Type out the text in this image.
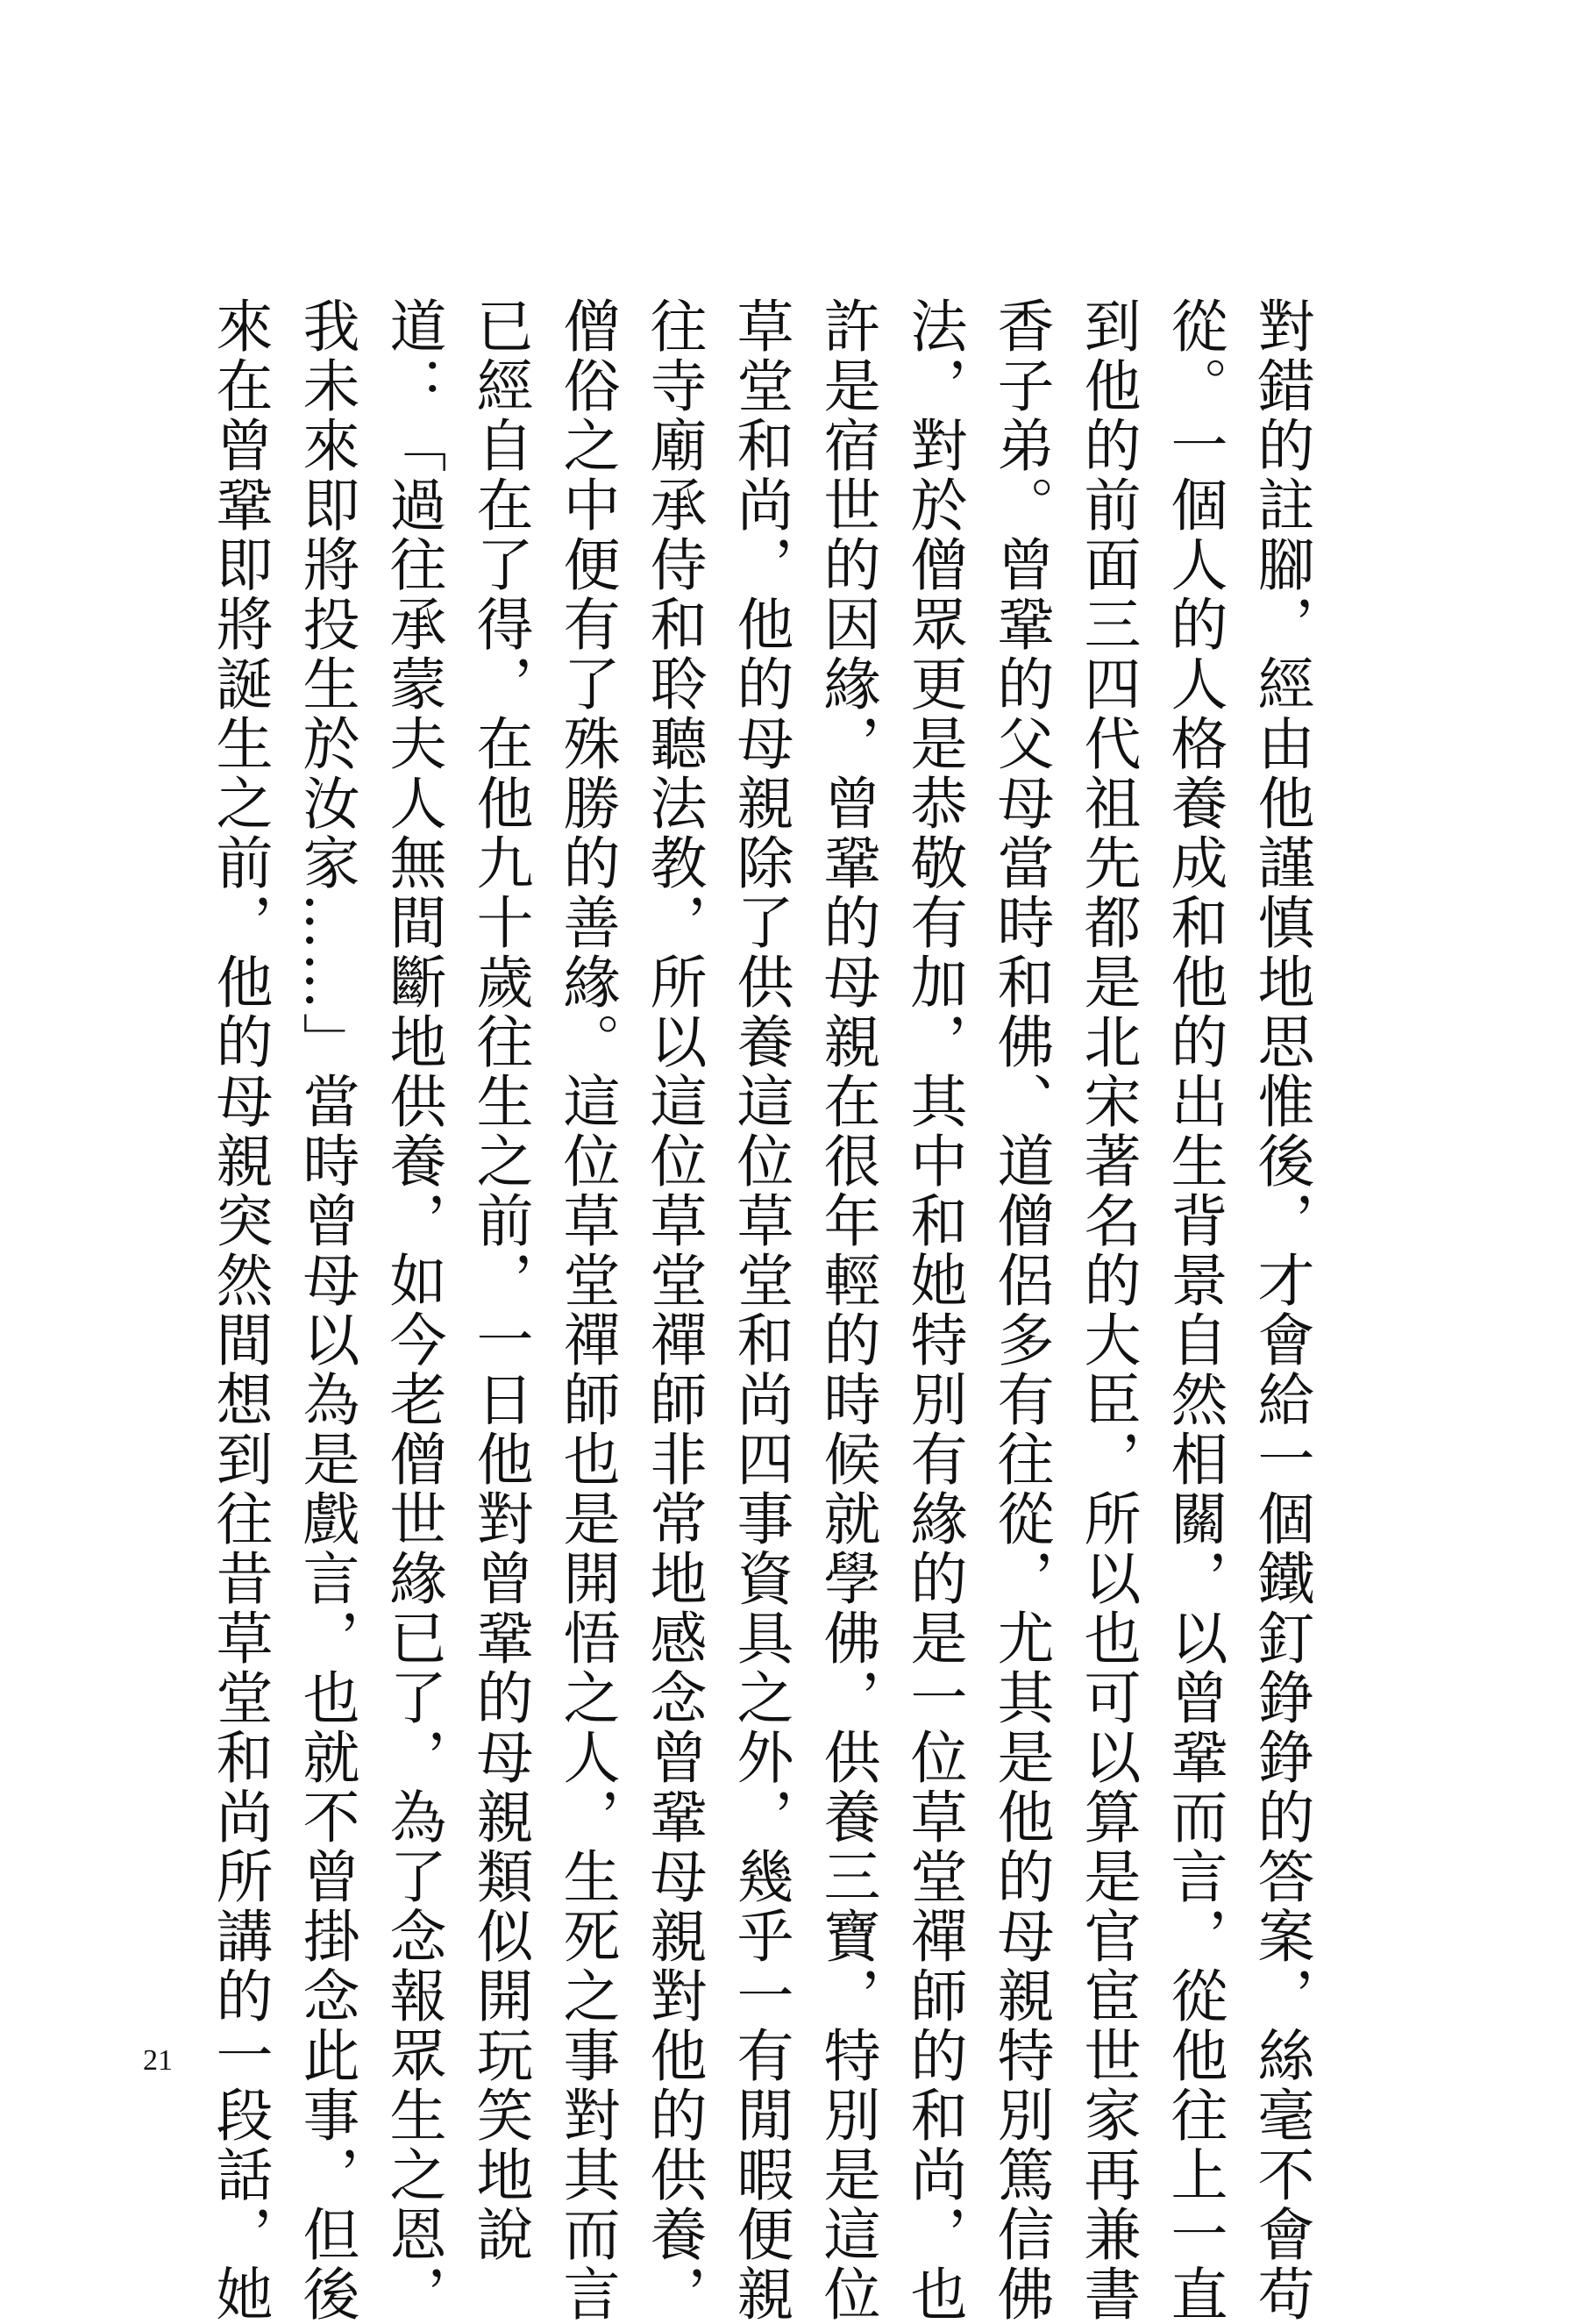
對錯的註腳，經由他謹慎地思惟後，才會給一個鐵釘錚錚的答案，絲毫不會苟

從。一個人的人格養成和他的出生背景自然相關，以曾鞏而言，從他往上一直

到他的前面三四代祖先都是北宋著名的大臣，所以也可以算是官宦世家再兼書

香子弟。曾鞏的父母當時和佛、道僧侶多有往從，尤其是他的母親特別篤信佛

法，對於僧眾更是恭敬有加，其中和她特別有緣的是一位草堂禪師的和尚，也

許是宿世的因緣，曾鞏的母親在很年輕的時候就學佛，供養三寶，特別是這位

草堂和尚，他的母親除了供養這位草堂和尚四事資具之外，幾乎一有閒暇便親

往寺廟承侍和聆聽法教，所以這位草堂禪師非常地感念曾鞏母親對他的供養，

僧俗之中便有了殊勝的善緣。這位草堂禪師也是開悟之人，生死之事對其而言

已經自在了得，在他九十歲往生之前，一日他對曾鞏的母親類似開玩笑地說

道：「過往承蒙夫人無間斷地供養，如今老僧世緣已了，為了念報眾生之恩，

我未來即將投生於汝家……」當時曾母以為是戲言，也就不曾掛念此事，但後

來在曾鞏即將誕生之前，他的母親突然間想到往昔草堂和尚所講的一段話，她

21
